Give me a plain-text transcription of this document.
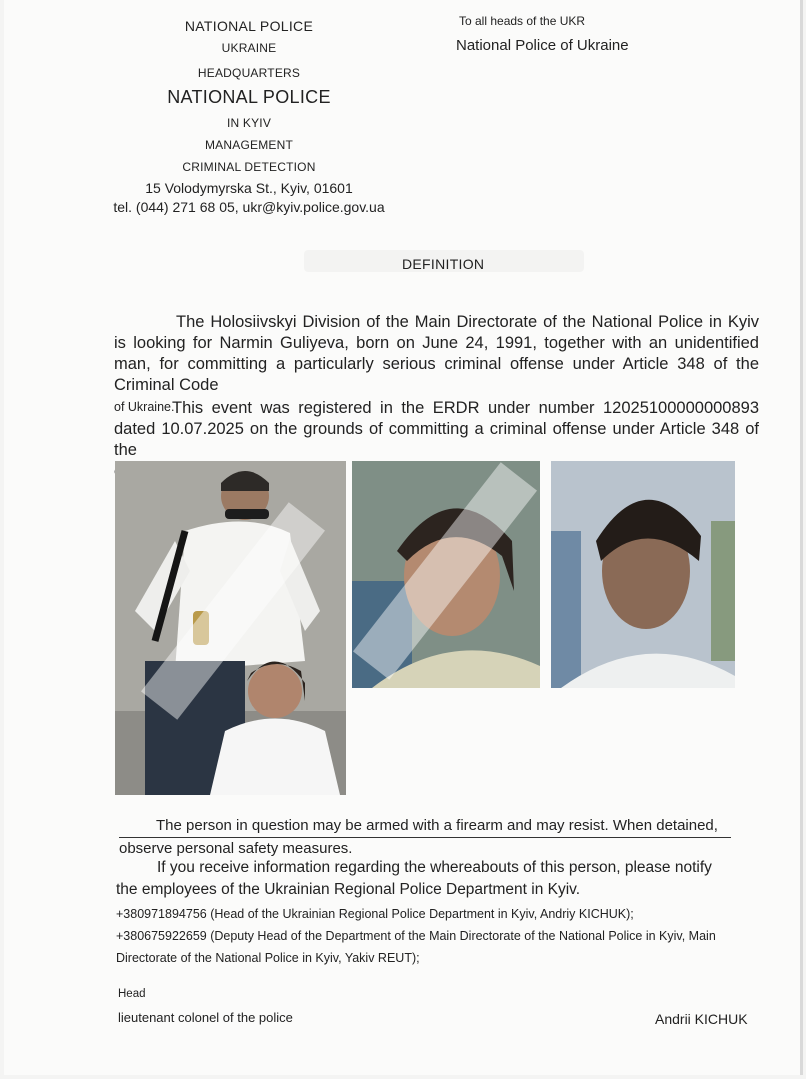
NATIONAL POLICE
UKRAINE
HEADQUARTERS
NATIONAL POLICE
IN KYIV
MANAGEMENT
CRIMINAL DETECTION
15 Volodymyrska St., Kyiv, 01601
tel. (044) 271 68 05, ukr@kyiv.police.gov.ua
To all heads of the UKR
National Police of Ukraine
DEFINITION
The Holosiivskyi Division of the Main Directorate of the National Police in Kyiv is looking for Narmin Guliyeva, born on June 24, 1991, together with an unidentified man, for committing a particularly serious criminal offense under Article 348 of the Criminal Code
of Ukraine.
This event was registered in the ERDR under number 12025100000000893 dated 10.07.2025 on the grounds of committing a criminal offense under Article 348 of the

The person in question may be armed with a firearm and may resist. When detained,
observe personal safety measures.
If you receive information regarding the whereabouts of this person, please notify
the employees of the Ukrainian Regional Police Department in Kyiv.
+380971894756 (Head of the Ukrainian Regional Police Department in Kyiv, Andriy KICHUK);
+380675922659 (Deputy Head of the Department of the Main Directorate of the National Police in Kyiv, Main Directorate of the National Police in Kyiv, Yakiv REUT);
Head
lieutenant colonel of the police	Andrii KICHUK
